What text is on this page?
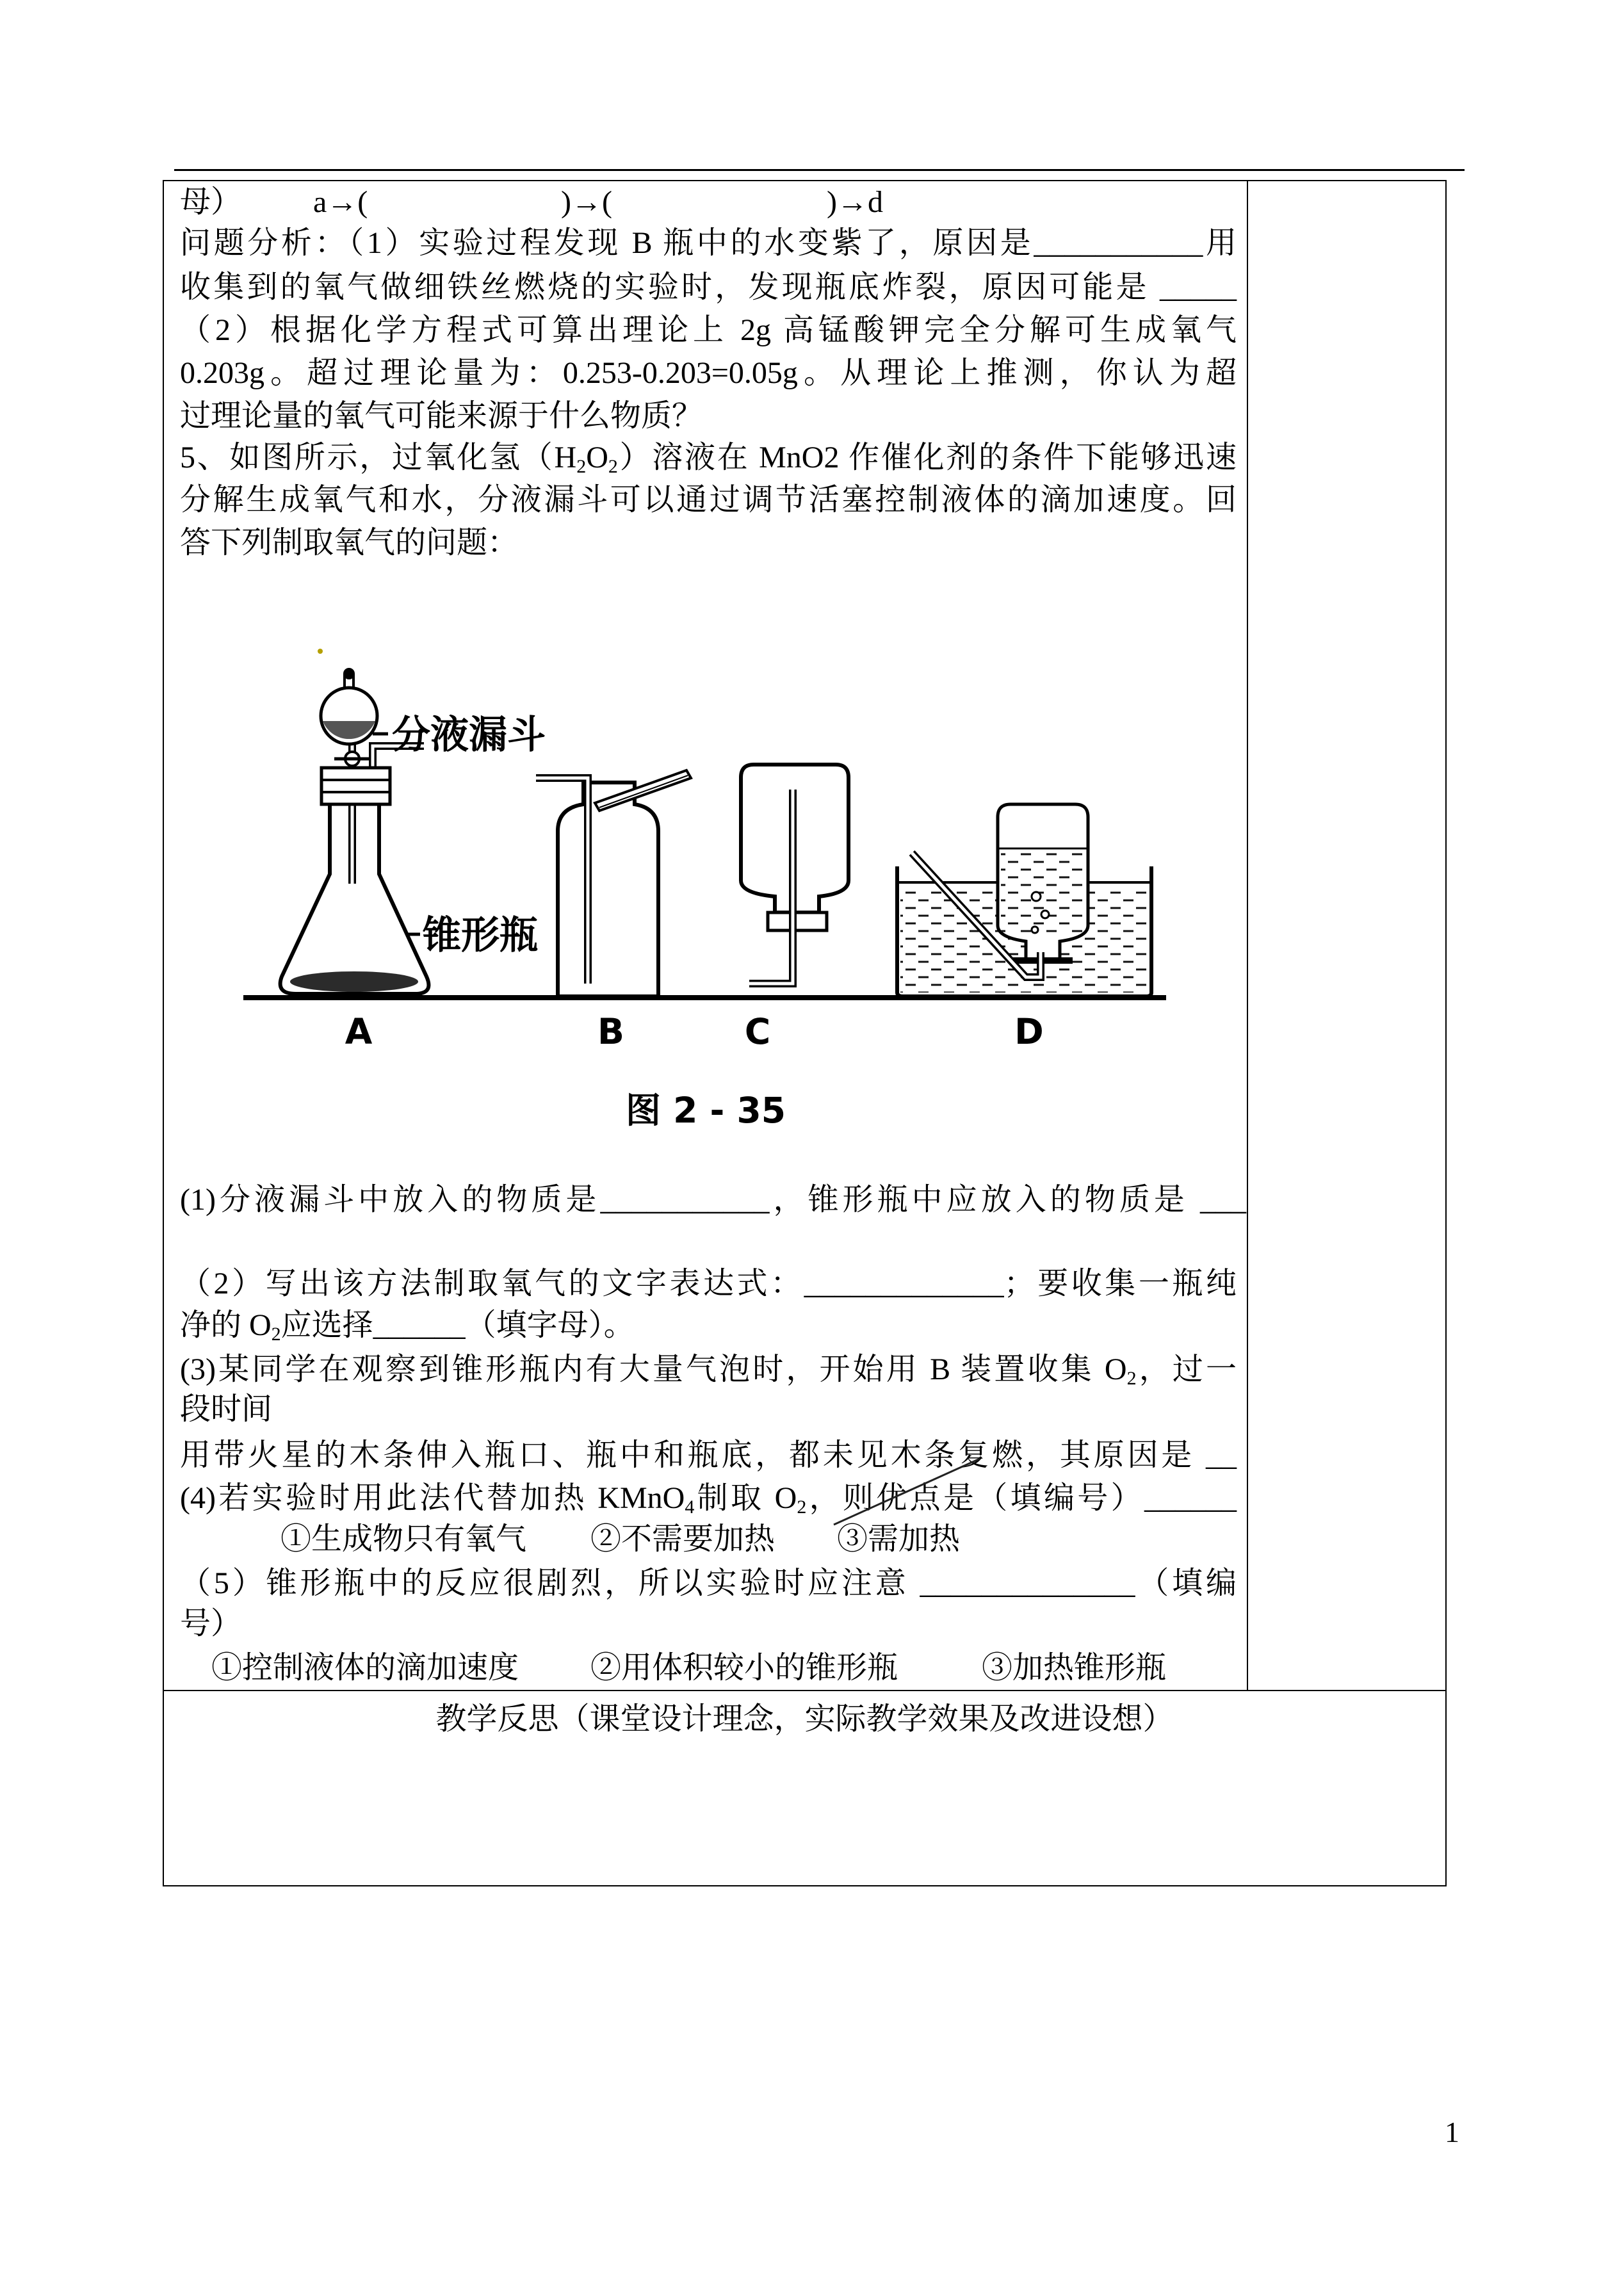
母） a→(	)→(	)→d
问题分析：（1）实验过程发现 B 瓶中的水变紫了，原因是___________用
收集到的氧气做细铁丝燃烧的实验时，发现瓶底炸裂，原因可能是 _____
（2）根据化学方程式可算出理论上 2g 高锰酸钾完全分解可生成氧气
0.203g。超过理论量为：0.253-0.203=0.05g。从理论上推测，你认为超
过理论量的氧气可能来源于什么物质？
5、如图所示，过氧化氢$(H_2O_2)$溶液在 MnO2 作催化剂的条件下能够迅速
分解生成氧气和水，分液漏斗可以通过调节活塞控制液体的滴加速度。回
答下列制取氧气的问题：
分液漏斗
锥形瓶
A	B	C	D
图 2 - 35
(1)分液漏斗中放入的物质是___________，锥形瓶中应放入的物质是 ___
（2）写出该方法制取氧气的文字表达式：_____________；要收集一瓶纯
净的 $O_2$应选择______（填字母）。
(3)某同学在观察到锥形瓶内有大量气泡时，开始用 B 装置收集 $O_2$，过一
段时间
用带火星的木条伸入瓶口、瓶中和瓶底，都未见木条复燃，其原因是 __
(4)若实验时用此法代替加热 KMnO$_4$制取 $O_2$，则优点是（填编号）______
①生成物只有氧气 ②不需要加热 ③需加热
（5）锥形瓶中的反应很剧烈，所以实验时应注意 ______________（填编
号）
①控制液体的滴加速度 ②用体积较小的锥形瓶	③加热锥形瓶
教学反思（课堂设计理念，实际教学效果及改进设想）
1
